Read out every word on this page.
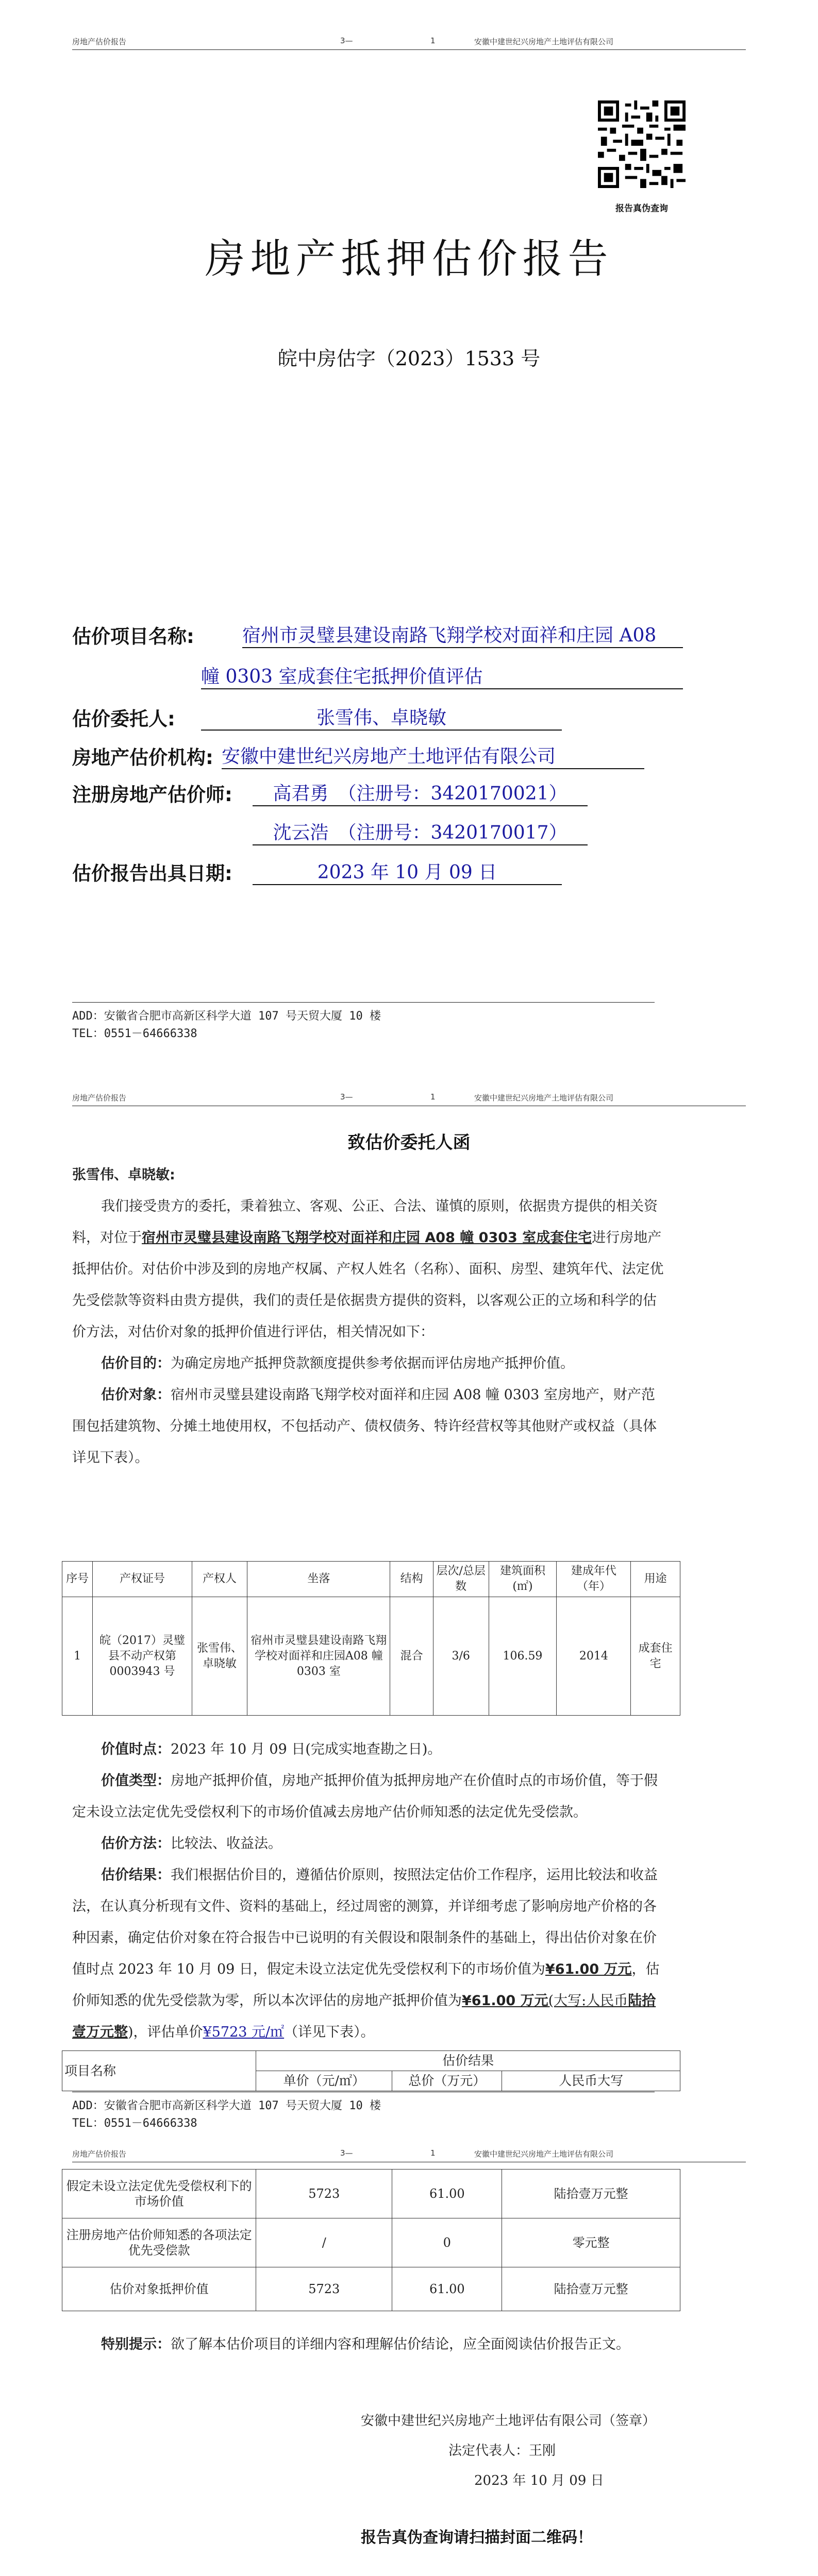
房地产估价报告	3—	1	安徽中建世纪兴房地产土地评估有限公司
报告真伪查询
房地产抵押估价报告
皖中房估字（2023）1533 号
估价项目名称:	宿州市灵璧县建设南路飞翔学校对面祥和庄园 A08
幢 0303 室成套住宅抵押价值评估
估价委托人:	张雪伟、卓晓敏
房地产估价机构: 安徽中建世纪兴房地产土地评估有限公司
注册房地产估价师:	高君勇　（注册号：3420170021）
沈云浩　（注册号：3420170017）
估价报告出具日期:	2023 年 10 月 09 日
ADD：安徽省合肥市高新区科学大道 107 号天贸大厦 10 楼
TEL：0551－64666338
房地产估价报告	3—	1	安徽中建世纪兴房地产土地评估有限公司
致估价委托人函
张雪伟、卓晓敏:
我们接受贵方的委托，秉着独立、客观、公正、合法、谨慎的原则，依据贵方提供的相关资料，对位于宿州市灵璧县建设南路飞翔学校对面祥和庄园 A08 幢 0303 室成套住宅进行房地产抵押估价。对估价中涉及到的房地产权属、产权人姓名（名称）、面积、房型、建筑年代、法定优先受偿款等资料由贵方提供，我们的责任是依据贵方提供的资料，以客观公正的立场和科学的估价方法，对估价对象的抵押价值进行评估，相关情况如下：
估价目的：为确定房地产抵押贷款额度提供参考依据而评估房地产抵押价值。
估价对象：宿州市灵璧县建设南路飞翔学校对面祥和庄园 A08 幢 0303 室房地产，财产范围包括建筑物、分摊土地使用权，不包括动产、债权债务、特许经营权等其他财产或权益（具体详见下表）。
序号	产权证号	产权人	坐落	结构	层次/总层数	建筑面积(㎡)	建成年代（年）	用途
1	皖（2017）灵璧县不动产权第0003943 号	张雪伟、卓晓敏	宿州市灵璧县建设南路飞翔学校对面祥和庄园A08 幢 0303 室	混合	3/6	106.59	2014	成套住宅
价值时点：2023 年 10 月 09 日(完成实地查勘之日)。
价值类型：房地产抵押价值，房地产抵押价值为抵押房地产在价值时点的市场价值，等于假定未设立法定优先受偿权利下的市场价值减去房地产估价师知悉的法定优先受偿款。
估价方法：比较法、收益法。
估价结果：我们根据估价目的，遵循估价原则，按照法定估价工作程序，运用比较法和收益法，在认真分析现有文件、资料的基础上，经过周密的测算，并详细考虑了影响房地产价格的各种因素，确定估价对象在符合报告中已说明的有关假设和限制条件的基础上，得出估价对象在价值时点 2023 年 10 月 09 日，假定未设立法定优先受偿权利下的市场价值为¥61.00 万元，估价师知悉的优先受偿款为零，所以本次评估的房地产抵押价值为¥61.00 万元(大写:人民币陆拾壹万元整)，评估单价¥5723 元/㎡（详见下表）。
项目名称	估价结果		
	单价（元/㎡）	总价（万元）	人民币大写
ADD：安徽省合肥市高新区科学大道 107 号天贸大厦 10 楼
TEL：0551－64666338
房地产估价报告	3—	1	安徽中建世纪兴房地产土地评估有限公司
假定未设立法定优先受偿权利下的市场价值	5723	61.00	陆拾壹万元整
注册房地产估价师知悉的各项法定优先受偿款	/	0	零元整
估价对象抵押价值	5723	61.00	陆拾壹万元整
特别提示：欲了解本估价项目的详细内容和理解估价结论，应全面阅读估价报告正文。
安徽中建世纪兴房地产土地评估有限公司（签章）
法定代表人：王刚
2023 年 10 月 09 日
报告真伪查询请扫描封面二维码！
